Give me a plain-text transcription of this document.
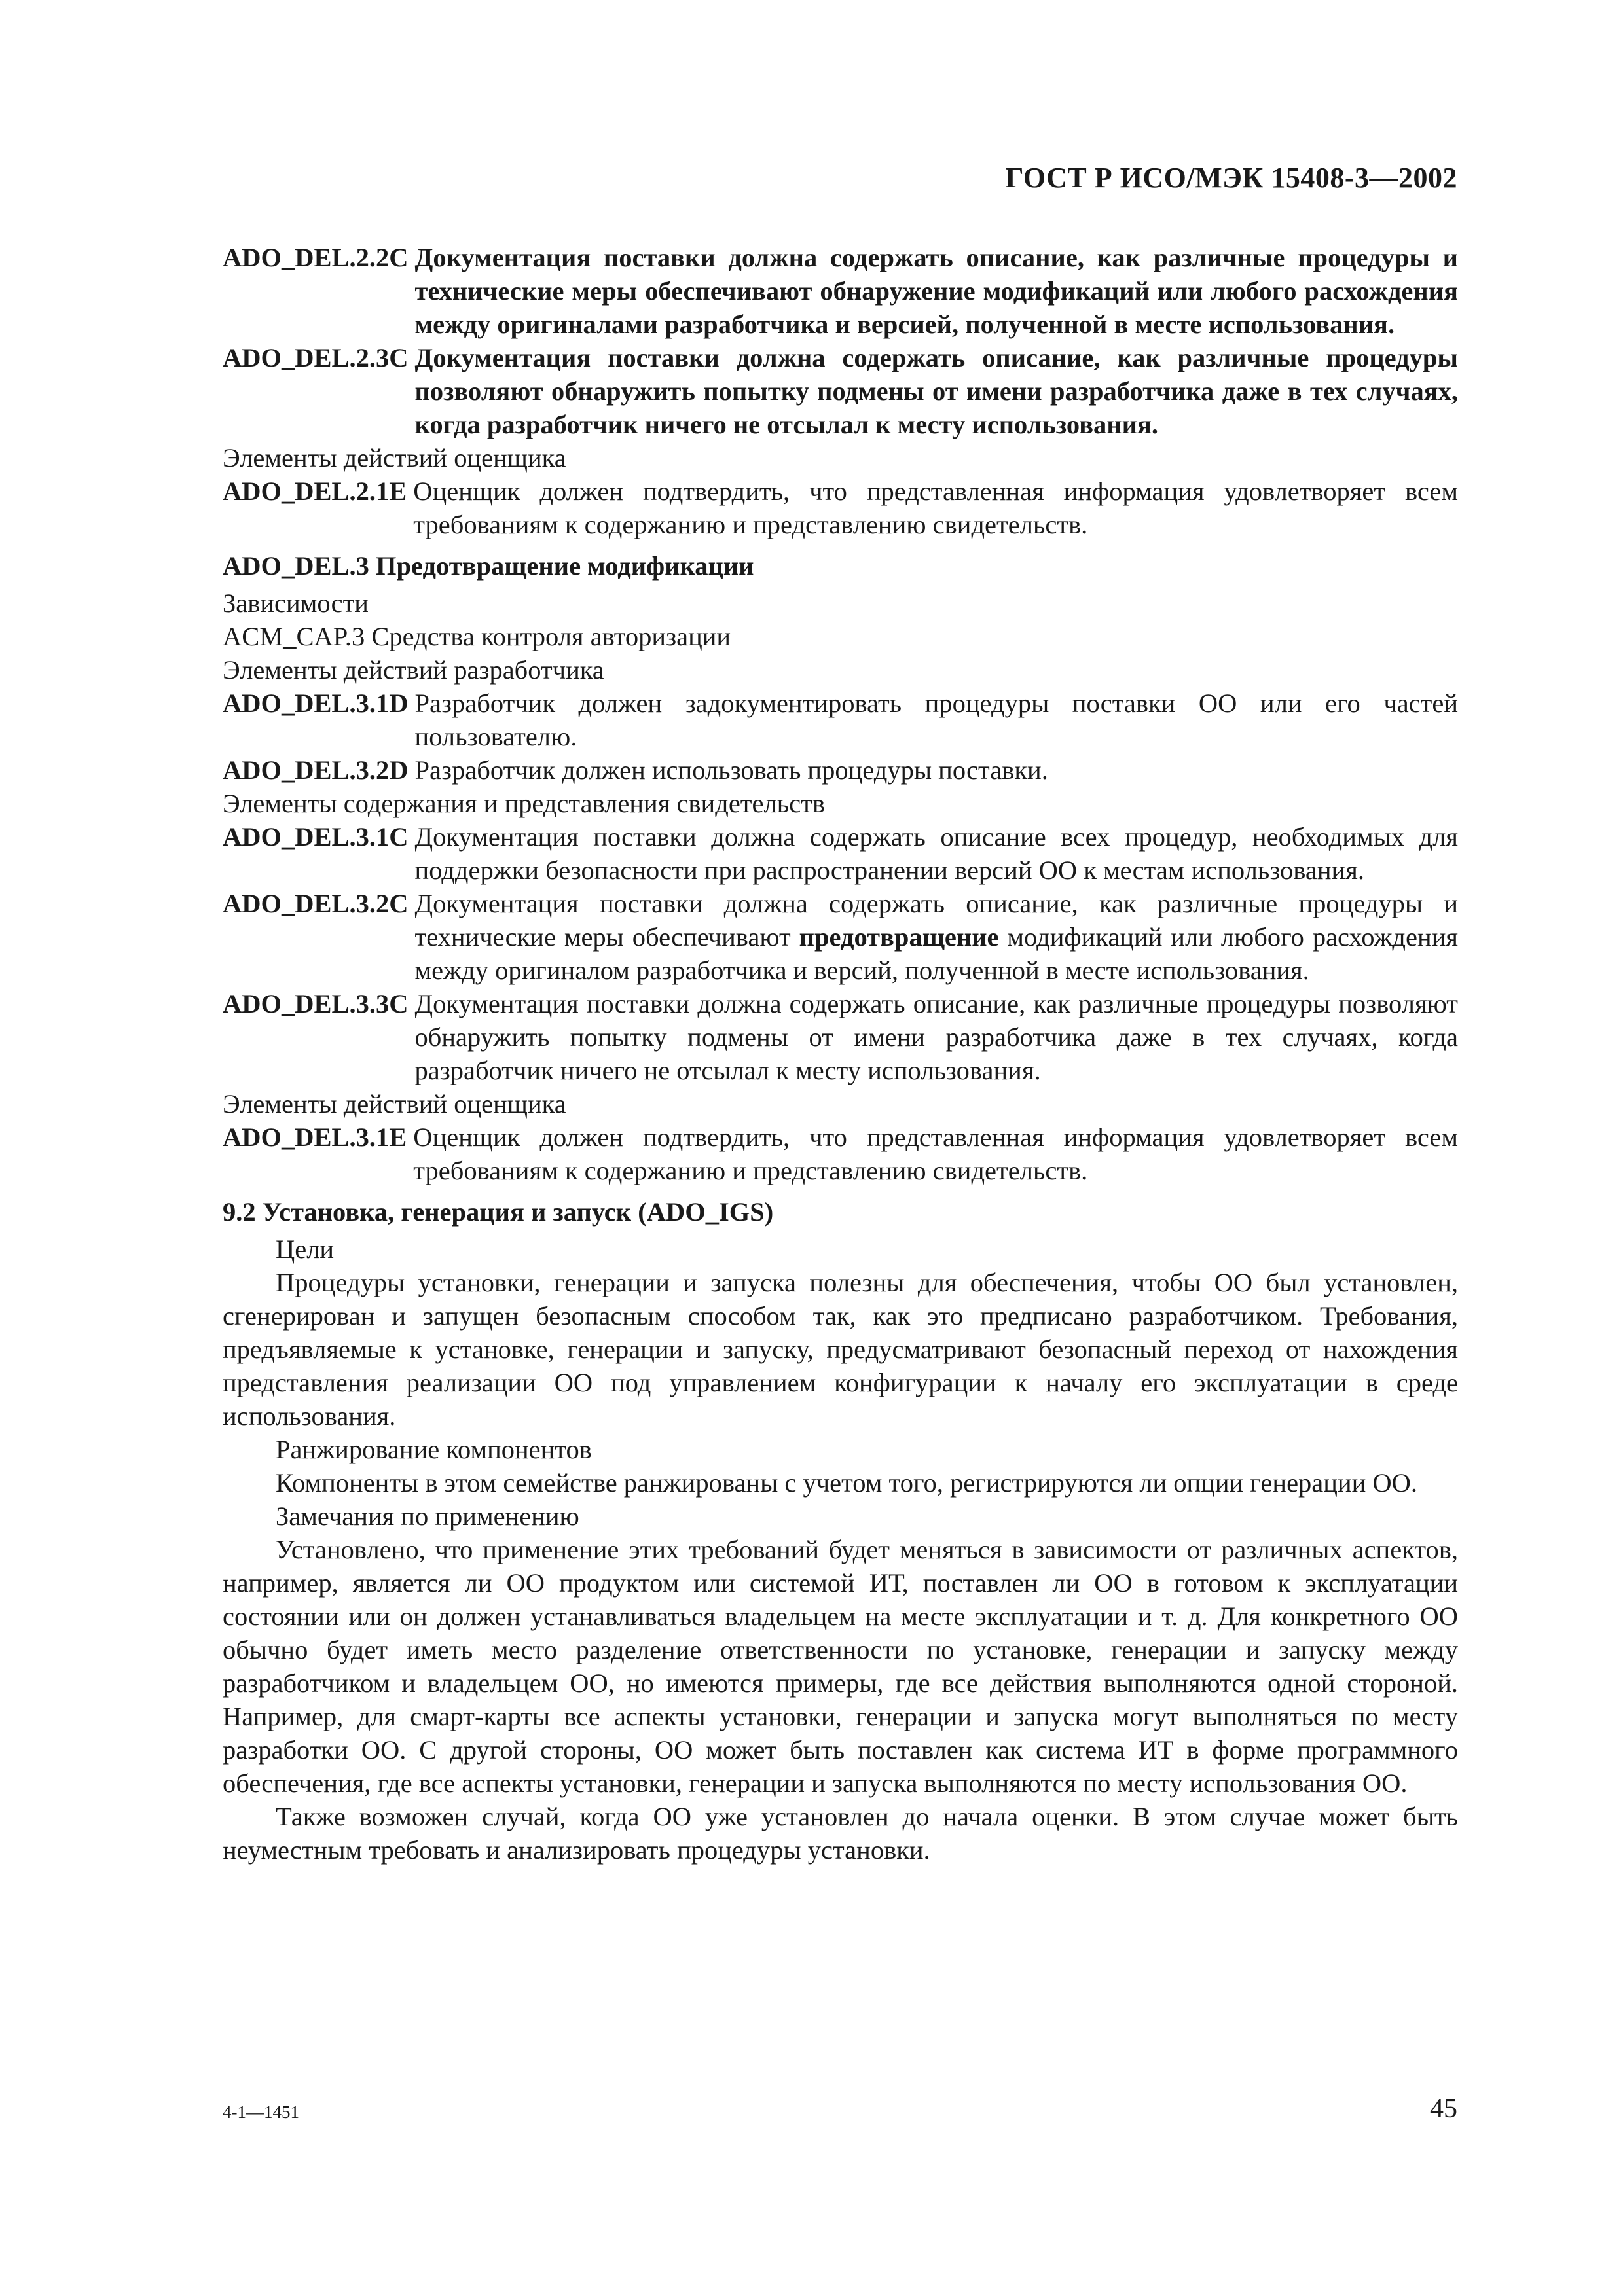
ГОСТ Р ИСО/МЭК 15408-3—2002
ADO_DEL.2.2C Документация поставки должна содержать описание, как различные процедуры и технические меры обеспечивают обнаружение модификаций или любого расхождения между оригиналами разработчика и версией, полученной в месте использования.
ADO_DEL.2.3C Документация поставки должна содержать описание, как различные процедуры позволяют обнаружить попытку подмены от имени разработчика даже в тех случаях, когда разработчик ничего не отсылал к месту использования.
Элементы действий оценщика
ADO_DEL.2.1E Оценщик должен подтвердить, что представленная информация удовлетворяет всем требованиям к содержанию и представлению свидетельств.
ADO_DEL.3 Предотвращение модификации
Зависимости
ACM_CAP.3 Средства контроля авторизации
Элементы действий разработчика
ADO_DEL.3.1D Разработчик должен задокументировать процедуры поставки ОО или его частей пользователю.
ADO_DEL.3.2D Разработчик должен использовать процедуры поставки.
Элементы содержания и представления свидетельств
ADO_DEL.3.1C Документация поставки должна содержать описание всех процедур, необходимых для поддержки безопасности при распространении версий ОО к местам использования.
ADO_DEL.3.2C Документация поставки должна содержать описание, как различные процедуры и технические меры обеспечивают предотвращение модификаций или любого расхождения между оригиналом разработчика и версий, полученной в месте использования.
ADO_DEL.3.3C Документация поставки должна содержать описание, как различные процедуры позволяют обнаружить попытку подмены от имени разработчика даже в тех случаях, когда разработчик ничего не отсылал к месту использования.
Элементы действий оценщика
ADO_DEL.3.1E Оценщик должен подтвердить, что представленная информация удовлетворяет всем требованиям к содержанию и представлению свидетельств.
9.2 Установка, генерация и запуск (ADO_IGS)
Цели
Процедуры установки, генерации и запуска полезны для обеспечения, чтобы ОО был установлен, сгенерирован и запущен безопасным способом так, как это предписано разработчиком. Требования, предъявляемые к установке, генерации и запуску, предусматривают безопасный переход от нахождения представления реализации ОО под управлением конфигурации к началу его эксплуатации в среде использования.
Ранжирование компонентов
Компоненты в этом семействе ранжированы с учетом того, регистрируются ли опции генерации ОО.
Замечания по применению
Установлено, что применение этих требований будет меняться в зависимости от различных аспектов, например, является ли ОО продуктом или системой ИТ, поставлен ли ОО в готовом к эксплуатации состоянии или он должен устанавливаться владельцем на месте эксплуатации и т. д. Для конкретного ОО обычно будет иметь место разделение ответственности по установке, генерации и запуску между разработчиком и владельцем ОО, но имеются примеры, где все действия выполняются одной стороной. Например, для смарт-карты все аспекты установки, генерации и запуска могут выполняться по месту разработки ОО. С другой стороны, ОО может быть поставлен как система ИТ в форме программного обеспечения, где все аспекты установки, генерации и запуска выполняются по месту использования ОО.
Также возможен случай, когда ОО уже установлен до начала оценки. В этом случае может быть неуместным требовать и анализировать процедуры установки.
4-1—1451	45
